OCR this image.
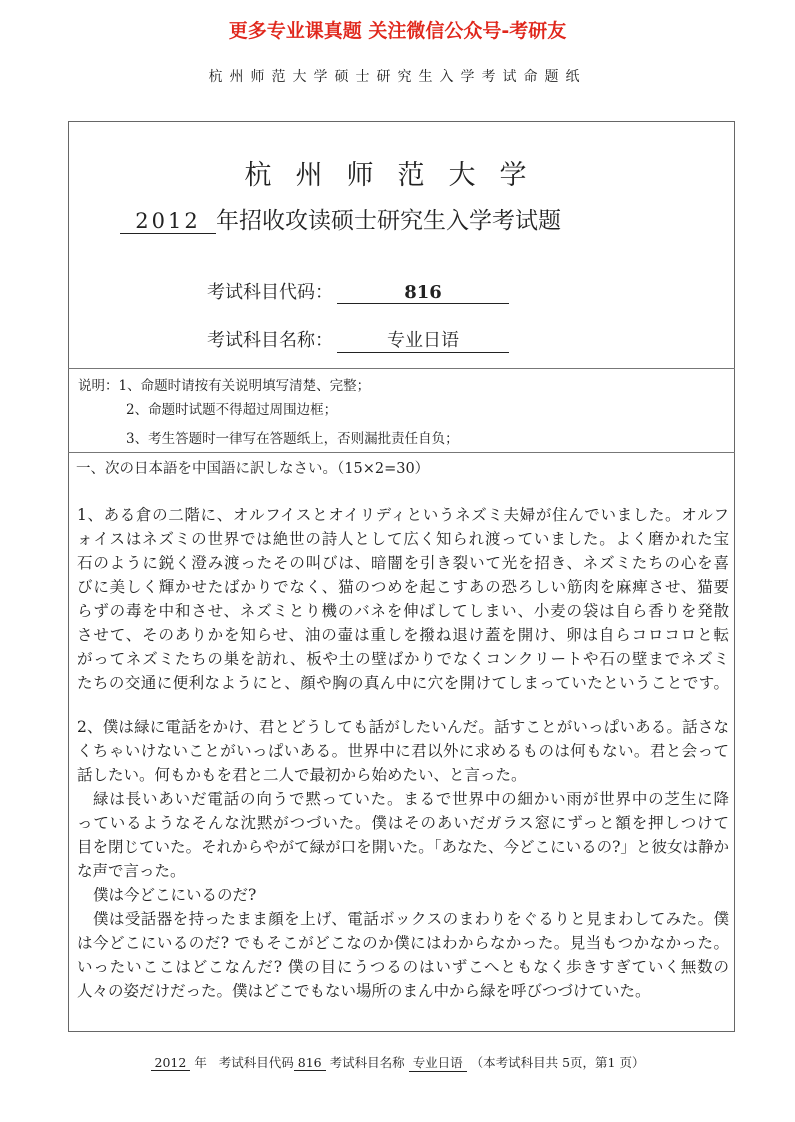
更多专业课真题 关注微信公众号-考研友
杭州师范大学硕士研究生入学考试命题纸
杭州师范大学
2012 年招收攻读硕士研究生入学考试题
考试科目代码：	816
考试科目名称：	专业日语
说明：1、命题时请按有关说明填写清楚、完整；
2、命题时试题不得超过周围边框；
3、考生答题时一律写在答题纸上，否则漏批责任自负；
一、次の日本語を中国語に訳しなさい。（15×2=30）
1、ある倉の二階に、オルフイスとオイリディというネズミ夫婦が住んでいました。オルフ
ォイスはネズミの世界では絶世の詩人として広く知られ渡っていました。よく磨かれた宝
石のように鋭く澄み渡ったその叫びは、暗闇を引き裂いて光を招き、ネズミたちの心を喜
びに美しく輝かせたばかりでなく、猫のつめを起こすあの恐ろしい筋肉を麻痺させ、猫要
らずの毒を中和させ、ネズミとり機のバネを伸ばしてしまい、小麦の袋は自ら香りを発散
させて、そのありかを知らせ、油の壷は重しを撥ね退け蓋を開け、卵は自らコロコロと転
がってネズミたちの巣を訪れ、板や土の壁ばかりでなくコンクリートや石の壁までネズミ
たちの交通に便利なようにと、顔や胸の真ん中に穴を開けてしまっていたということです。
2、僕は緑に電話をかけ、君とどうしても話がしたいんだ。話すことがいっぱいある。話さな
くちゃいけないことがいっぱいある。世界中に君以外に求めるものは何もない。君と会って
話したい。何もかもを君と二人で最初から始めたい、と言った。
緑は長いあいだ電話の向うで黙っていた。まるで世界中の細かい雨が世界中の芝生に降
っているようなそんな沈黙がつづいた。僕はそのあいだガラス窓にずっと額を押しつけて
目を閉じていた。それからやがて緑が口を開いた。「あなた、今どこにいるの?」と彼女は静か
な声で言った。
僕は今どこにいるのだ?
僕は受話器を持ったまま顔を上げ、電話ボックスのまわりをぐるりと見まわしてみた。僕
は今どこにいるのだ? でもそこがどこなのか僕にはわからなかった。見当もつかなかった。
いったいここはどこなんだ? 僕の目にうつるのはいずこへともなく歩きすぎていく無数の
人々の姿だけだった。僕はどこでもない場所のまん中から緑を呼びつづけていた。
2012 年 考试科目代码 816 考试科目名称 专业日语 （本考试科目共 5页，第1 页）
